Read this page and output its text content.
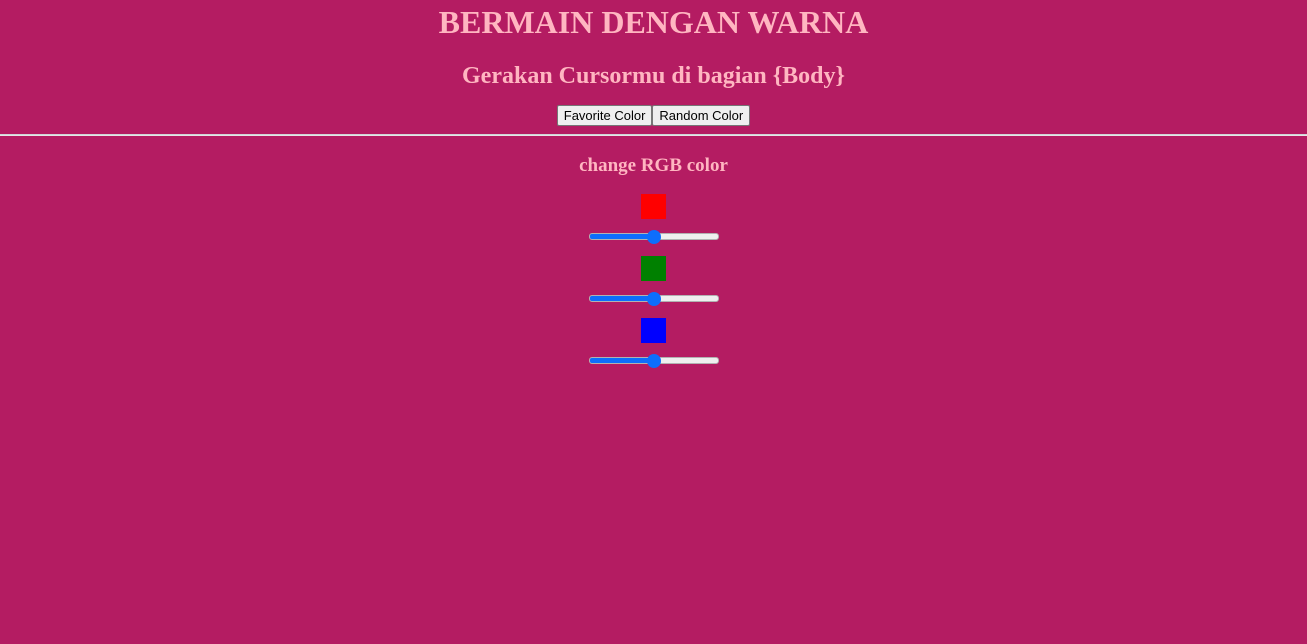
BERMAIN DENGAN WARNA
Gerakan Cursormu di bagian {Body}
Favorite Color	Random Color
change RGB color
